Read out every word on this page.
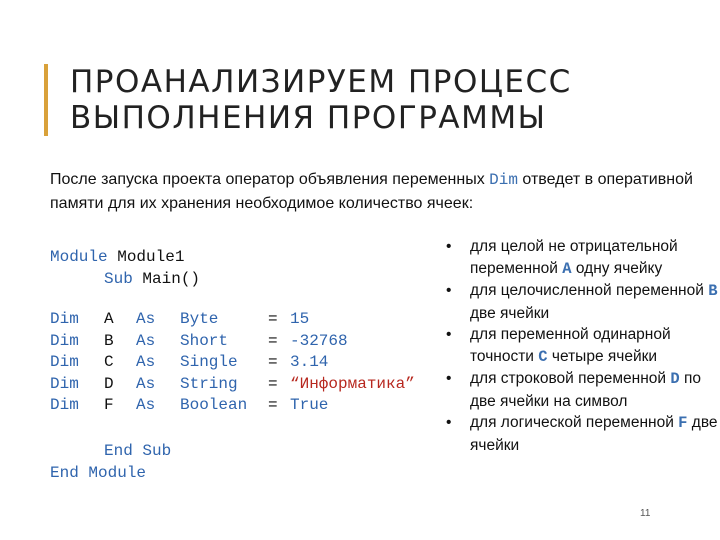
ПРОАНАЛИЗИРУЕМ ПРОЦЕСС
ВЫПОЛНЕНИЯ ПРОГРАММЫ
После запуска проекта оператор объявления переменных Dim отведет в оперативной памяти для их хранения необходимое количество ячеек:
Module Module1
Sub Main()
Dim A As Byte	= 15
Dim B As Short = -32768
Dim C As Single = 3.14
Dim D As String = “Информатика”
Dim F As Boolean = True
End Sub
End Module
• для целой не отрицательной переменной A одну ячейку
• для целочисленной переменной B две ячейки
• для переменной одинарной точности C четыре ячейки
• для строковой переменной D по две ячейки на символ
• для логической переменной F две ячейки
11
